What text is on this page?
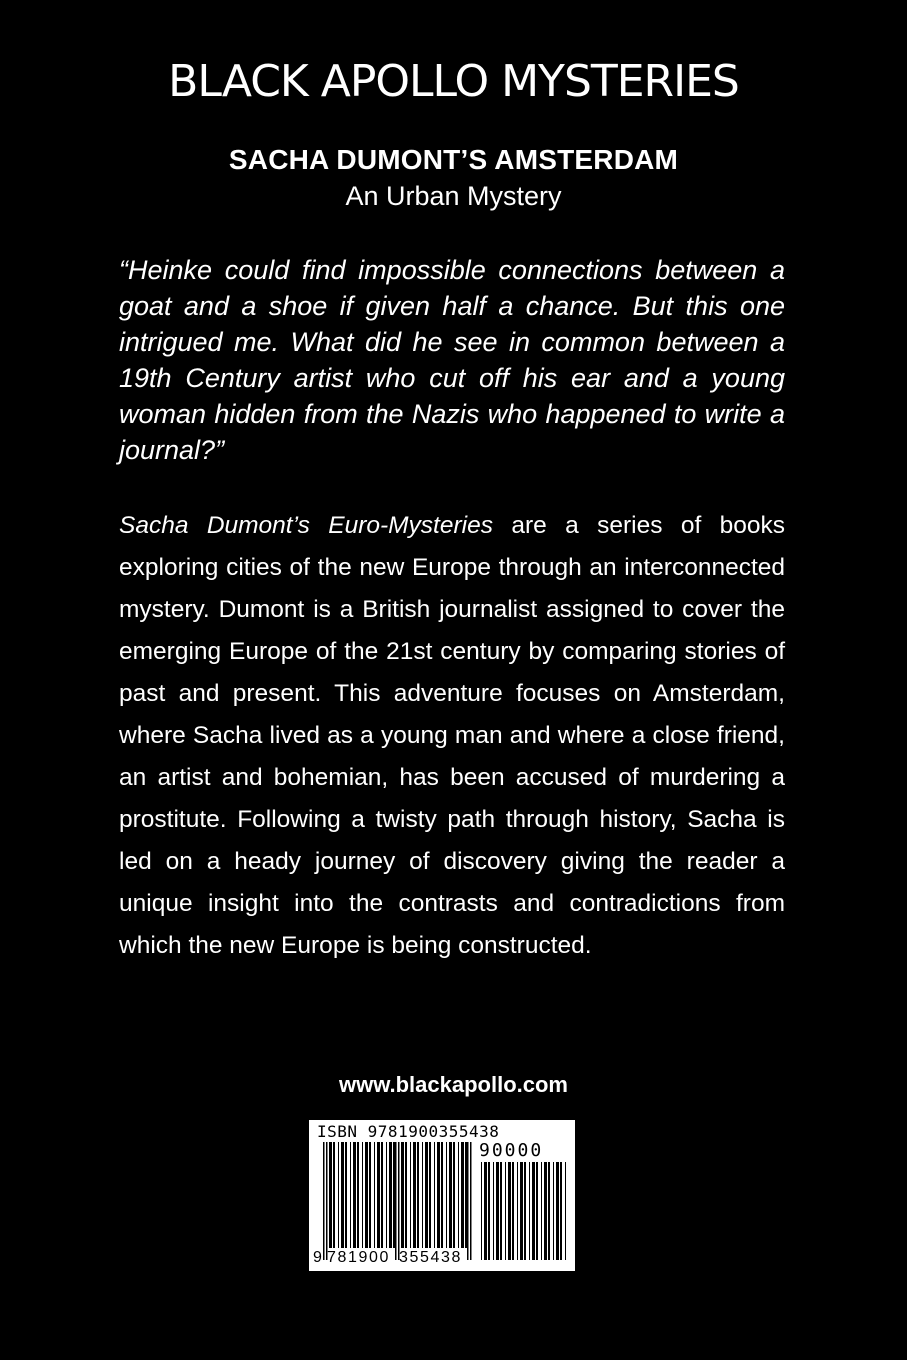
BLACK APOLLO MYSTERIES
SACHA DUMONT’S AMSTERDAM

An Urban Mystery

“Heinke could find impossible connections between a goat and a shoe if given half a chance. But this one intrigued me. What did he see in common between a 19th Century artist who cut off his ear and a young woman hidden from the Nazis who happened to write a journal?”

Sacha Dumont’s Euro-Mysteries are a series of books exploring cities of the new Europe through an interconnected mystery. Dumont is a British journalist assigned to cover the emerging Europe of the 21st century by comparing stories of past and present. This adventure focuses on Amsterdam, where Sacha lived as a young man and where a close friend, an artist and bohemian, has been accused of murdering a prostitute. Following a twisty path through history, Sacha is led on a heady journey of discovery giving the reader a unique insight into the contrasts and contradictions from which the new Europe is being constructed.

www.blackapollo.com

ISBN 9781900355438
90000
9 781900 355438
